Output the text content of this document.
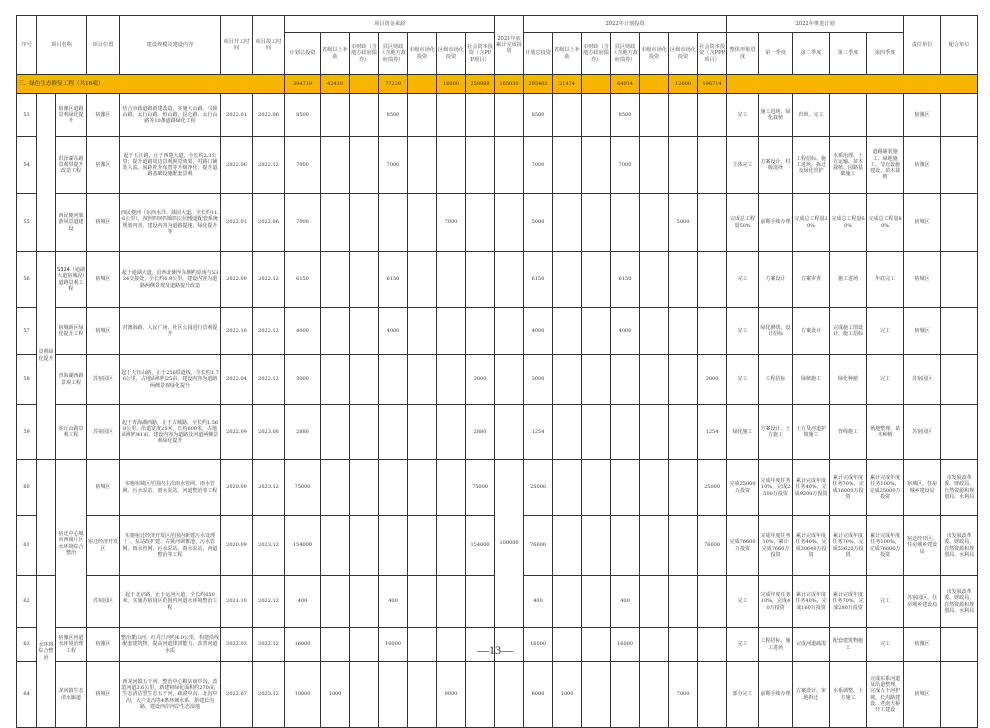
序号	项目名称		项目位置	建设规模及建设内容	项目开工时间	项目竣工时间	项目资金来源							2021年底累计完成投资	2022年计划投资							2022年推进计划					责任单位	配合单位
							计划总投资	省级以上补助	市财政（含地方政府债券）	县区财政（含地方政府债券）	市级市场化投资	区级市场化投资	社会资本投资（含PPP项目）		计划总投资	省级以上补助	市财政（含地方政府债券）	县区财政（含地方政府债券）	市级市场化投资	区级市场化投资	社会资本投资（含PPP项目）	整体形象进度	第一季度	第二季度	第三季度	第四季度		
三、绿色生态修复工程（共16项）							394719	42410		77229		16000	258989	165030	295402	21474		64014		12600	196714							
53		宿豫区道路景观绿化提升	宿豫区	结合市政道路新建改造，实施大山路、马陵山路、太行山路、恒山路、昆仑路、太行山路等10条道路绿化工程	2022.01	2022.06	8500			8500					8500			8500				完工	施工进场、绿化栽植	归坝、完工			宿豫区	
54		洪泽湖东路景观带提升改造工程	宿豫区	起于五汪路，止于西楚大道，全长约2.3公里；提升道路周边景观视觉效果，对路口铺装人流、间距补充布置等升级净化，提升道路基础设施配套景观	2022.06	2022.12	7000			7000					7000			7000				主体完工	方案设计、村级选择	工程招标、施工进场，拆迁及绿化管护	水系治理、土方运输、苗木栽植、园路基础施工	道路铺装施工、绿地施工、节点设施建设、苗木栽植	宿豫区	
55		西民便河旅游风景道建设	宿城区	西民便河（东西水洋、蒲园大道、全长约11.6公里），按照四环四廊四公园慢道配套系统规划内容，建设内容为道路提速、绿化提升等	2022.01	2022.06	7000					7000			5000					5000		完成总工程量50%	前期手续办理	完成总工程量20%	完成总工程量60%	完成总工程量80%	宿城区	
56	景观绿化提升	S324（通湖大道宿城段）道路景观工程	宿城区	起于通湖大道，沿西北侧至东侧约原南与S324交接处，全长约6.9公里，建设内容为道路两侧景观及道路提升改造	2022.09	2022.12	6150			6150					6150			6150				完工	方案设计	方案审查	施工进场	年底完工	宿城区	
57		宿城新区绿化提升工程	宿城区	对澳海路、人民广场、社区公园进行景观提升	2022.10	2022.12	4000			4000					4000			4000				完工	绿化修缮、设计招标	方案设计	完成施工图设计、施工招标	完工	宿城区	
58		青海湖西路景观工程	苏宿园区	起于天钰山路，止于256铁道线，全长约1.76公里，占地面积约25亩，建设内容为道路两侧景观绿化提升	2022.04	2022.12	3000						3000		3000						3000	完工	工程招标	绿植施工	绿化种植	完工	苏宿园区	
59		虎丘山路景观工程	苏宿园区	起于青海湖西路，止于古城路，全长约1.568公里，沿道宽度20米，长约600米，占地面积约41亩，建设内容为道路及河道两侧景观绿化提升	2022.09	2023.08	2880						2880		1254						1254	绿化施工	方案设计、土方施工	土方及河道护坡施工	管线施工	场地整理、苗木种植	苏宿园区	
60		宿迁中心城市西南片区水环境综合整治	宿城区	实施宿城区范围内主次雨水管网、雨水管网、污水泵站、雨水泵站、河道整治等工程	2020.09	2023.12	75000						75000	100000	25000						25000	完成25000万投资	完成年度任务10%，完成2500万投资	累计完成年度任务40%，完成9200万投资	累计完成年度任务70%，完成16000万投资	累计完成年度任务100%，完成25000万投资	宿城区、住房城乡建设局	市发展改革委、财政局、自然资源和规划局、水利局
61			宿迁经济开发区	实施宿迁经济开发区范围内新建污水处理厂、泵站改扩建、古黄河调蓄池、污水管网、雨水管网、污水泵站、雨水泵站、河道整治等工程	2020.09	2023.12	154000						154000		76600						76600	完成76600万投资	完成年度任务10%，累计完成7660万投资	累计完成年度任务40%，完成30640万投资	累计完成年度任务70%，完成53620万投资	累计完成年度任务100%，完成76600万投资	宿迁经开区、住房城乡建设局	市发展改革委、财政局、自然资源和规划局、水利局
62	水环境综合整治		苏宿园区	起于北京路，止于运河大道，全长约650米，实施苏宿园区范围内河道水环境整治工程	2021.10	2022.12	400			400					400			400				完工	完成年度任务10%，完成40万投资	累计完成年度任务40%，完成160万投资	累计完成年度任务70%，完成280万投资	完工	苏宿园区、住房城乡建设局	市发展改革委、财政局、自然资源和规划局、水利局
63		宿豫区河道水环境治理工程	宿豫区	整治董山河、红丹江河约4.9公里，构建沿线配套建筑物，提高河道排涝能力，改善河道水质	2022.03	2022.12	16000			16000					16000			16000				完工	工程招标、施工进场	完成河道疏浚	配套建筑物施工	完工	宿豫区	
64		龙河镇生态清水廊道	宿城区	西龙河镇五干河、整治中心粮店南中沟，改造河道3.6公里，新建和绿化面积约270亩，生态清洁型生态五干河，疏浚中沟、北沟中沟，大户支沟等4条环城水系，新建长沟路，建设西岸河岸生态湿地	2022.07	2023.12	10000	1000				9000			8000	1000				7000		部分完工	前期手续办理	方案设计、审地拆迁	水系调整、土方施工	完成东系河道及沿道整理，完成五干河护坡，长沟路建设，老南大桥开工建设	宿城区	
—13—
